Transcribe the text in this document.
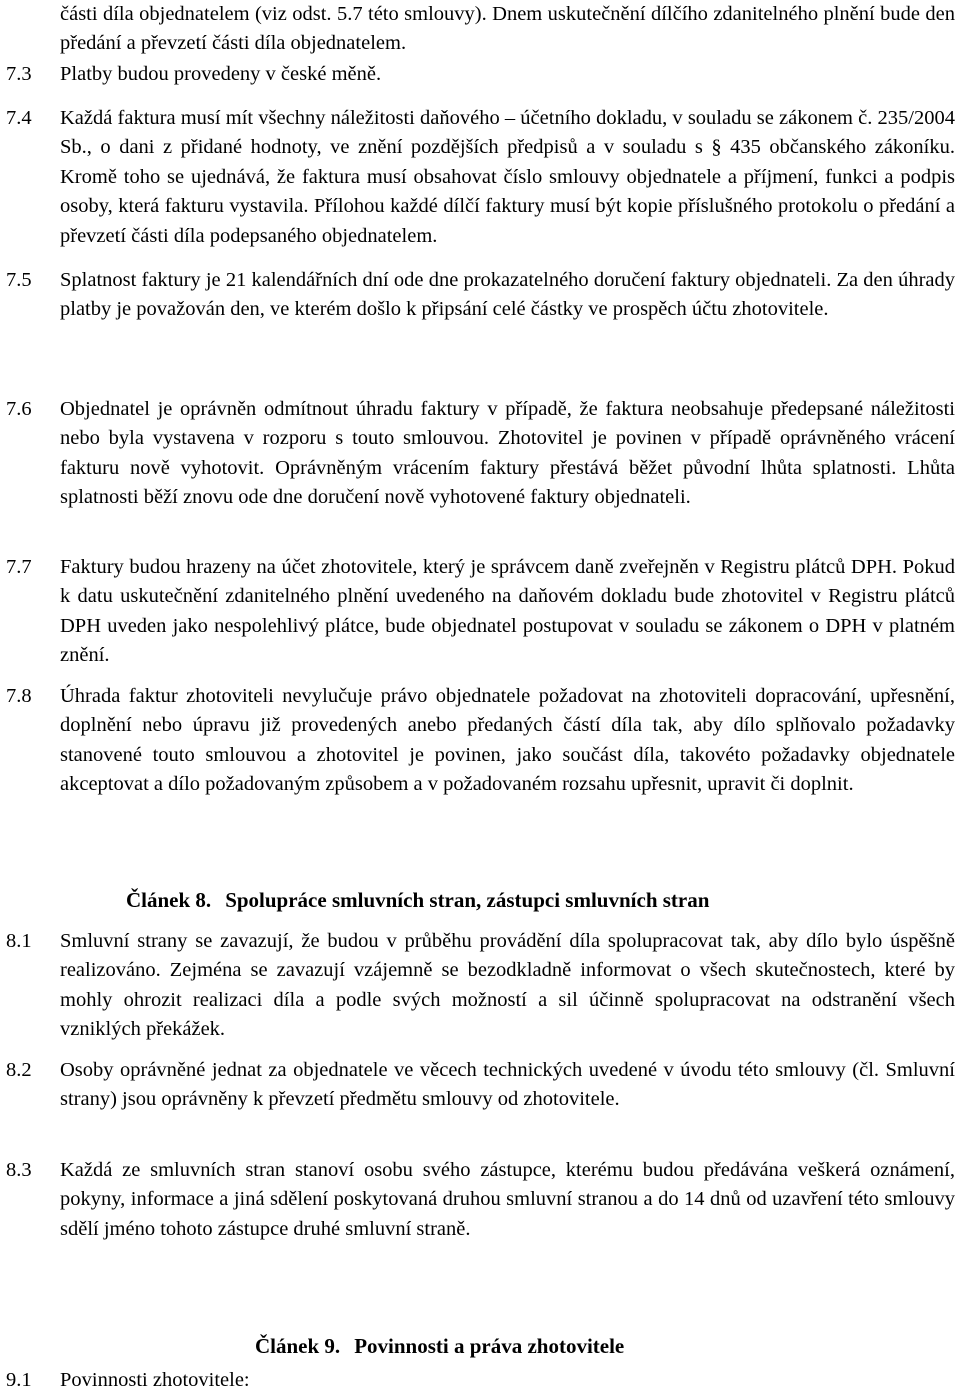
části díla objednatelem (viz odst. 5.7 této smlouvy). Dnem uskutečnění dílčího zdanitelného plnění bude den předání a převzetí části díla objednatelem.
7.3 Platby budou provedeny v české měně.
7.4 Každá faktura musí mít všechny náležitosti daňového – účetního dokladu, v souladu se zákonem č. 235/2004 Sb., o dani z přidané hodnoty, ve znění pozdějších předpisů a v souladu s § 435 občanského zákoníku. Kromě toho se ujednává, že faktura musí obsahovat číslo smlouvy objednatele a příjmení, funkci a podpis osoby, která fakturu vystavila. Přílohou každé dílčí faktury musí být kopie příslušného protokolu o předání a převzetí části díla podepsaného objednatelem.
7.5 Splatnost faktury je 21 kalendářních dní ode dne prokazatelného doručení faktury objednateli. Za den úhrady platby je považován den, ve kterém došlo k připsání celé částky ve prospěch účtu zhotovitele.
7.6 Objednatel je oprávněn odmítnout úhradu faktury v případě, že faktura neobsahuje předepsané náležitosti nebo byla vystavena v rozporu s touto smlouvou. Zhotovitel je povinen v případě oprávněného vrácení fakturu nově vyhotovit. Oprávněným vrácením faktury přestává běžet původní lhůta splatnosti. Lhůta splatnosti běží znovu ode dne doručení nově vyhotovené faktury objednateli.
7.7 Faktury budou hrazeny na účet zhotovitele, který je správcem daně zveřejněn v Registru plátců DPH. Pokud k datu uskutečnění zdanitelného plnění uvedeného na daňovém dokladu bude zhotovitel v Registru plátců DPH uveden jako nespolehlivý plátce, bude objednatel postupovat v souladu se zákonem o DPH v platném znění.
7.8 Úhrada faktur zhotoviteli nevylučuje právo objednatele požadovat na zhotoviteli dopracování, upřesnění, doplnění nebo úpravu již provedených anebo předaných částí díla tak, aby dílo splňovalo požadavky stanovené touto smlouvou a zhotovitel je povinen, jako součást díla, takovéto požadavky objednatele akceptovat a dílo požadovaným způsobem a v požadovaném rozsahu upřesnit, upravit či doplnit.
Článek 8. Spolupráce smluvních stran, zástupci smluvních stran
8.1 Smluvní strany se zavazují, že budou v průběhu provádění díla spolupracovat tak, aby dílo bylo úspěšně realizováno. Zejména se zavazují vzájemně se bezodkladně informovat o všech skutečnostech, které by mohly ohrozit realizaci díla a podle svých možností a sil účinně spolupracovat na odstranění všech vzniklých překážek.
8.2 Osoby oprávněné jednat za objednatele ve věcech technických uvedené v úvodu této smlouvy (čl. Smluvní strany) jsou oprávněny k převzetí předmětu smlouvy od zhotovitele.
8.3 Každá ze smluvních stran stanoví osobu svého zástupce, kterému budou předávána veškerá oznámení, pokyny, informace a jiná sdělení poskytovaná druhou smluvní stranou a do 14 dnů od uzavření této smlouvy sdělí jméno tohoto zástupce druhé smluvní straně.
Článek 9. Povinnosti a práva zhotovitele
9.1 Povinnosti zhotovitele:
